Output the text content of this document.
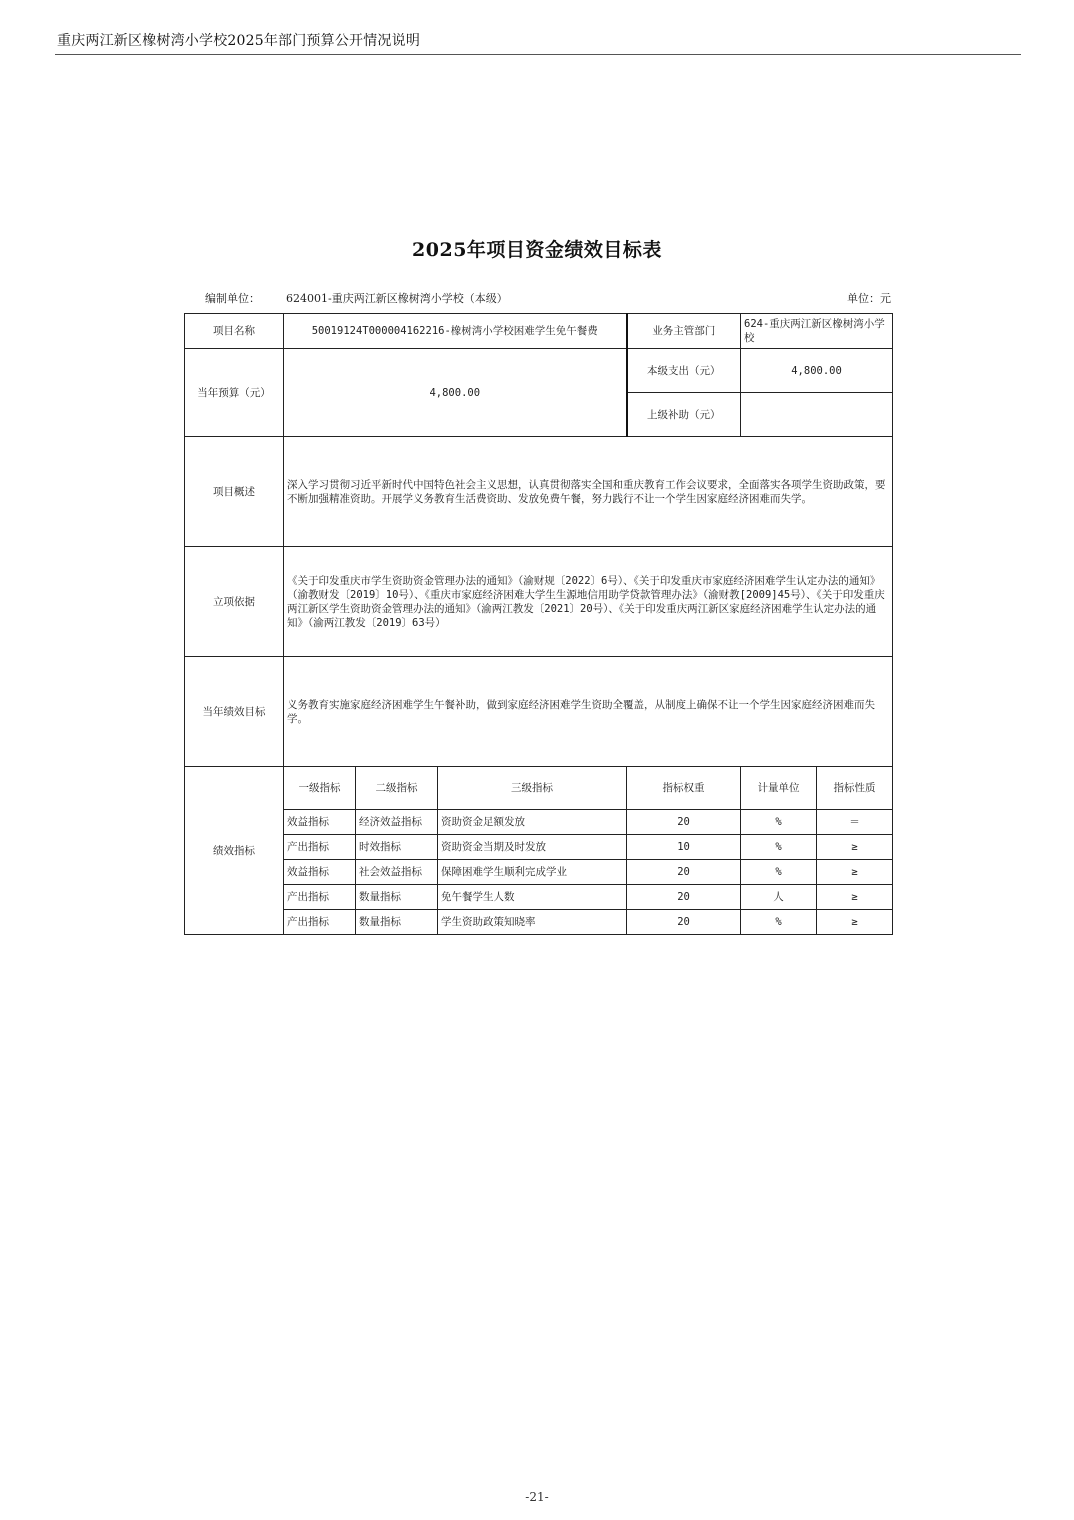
重庆两江新区橡树湾小学校2025年部门预算公开情况说明
2025年项目资金绩效目标表
编制单位： 624001-重庆两江新区橡树湾小学校（本级）	单位：元
项目名称	50019124T000004162216-橡树湾小学校困难学生免午餐费			业务主管部门	624-重庆两江新区橡树湾小学校		
当年预算（元）	4,800.00			本级支出（元）	4,800.00		
				上级补助（元）			
项目概述	深入学习贯彻习近平新时代中国特色社会主义思想，认真贯彻落实全国和重庆教育工作会议要求，全面落实各项学生资助政策，要不断加强精准资助。开展学义务教育生活费资助、发放免费午餐，努力践行不让一个学生因家庭经济困难而失学。						
立项依据	《关于印发重庆市学生资助资金管理办法的通知》（渝财规〔2022〕6号）、《关于印发重庆市家庭经济困难学生认定办法的通知》（渝教财发〔2019〕10号）、《重庆市家庭经济困难大学生生源地信用助学贷款管理办法》（渝财教[2009]45号）、《关于印发重庆两江新区学生资助资金管理办法的通知》（渝两江教发〔2021〕20号）、《关于印发重庆两江新区家庭经济困难学生认定办法的通知》（渝两江教发〔2019〕63号）						
当年绩效目标	义务教育实施家庭经济困难学生午餐补助，做到家庭经济困难学生资助全覆盖，从制度上确保不让一个学生因家庭经济困难而失学。						
绩效指标	一级指标	二级指标	三级指标	指标权重	计量单位	指标性质	
	效益指标	经济效益指标	资助资金足额发放	20	%	＝	
	产出指标	时效指标	资助资金当期及时发放	10	%	≥	
	效益指标	社会效益指标	保障困难学生顺利完成学业	20	%	≥	
	产出指标	数量指标	免午餐学生人数	20	人	≥	
	产出指标	数量指标	学生资助政策知晓率	20	%	≥	
-21-
